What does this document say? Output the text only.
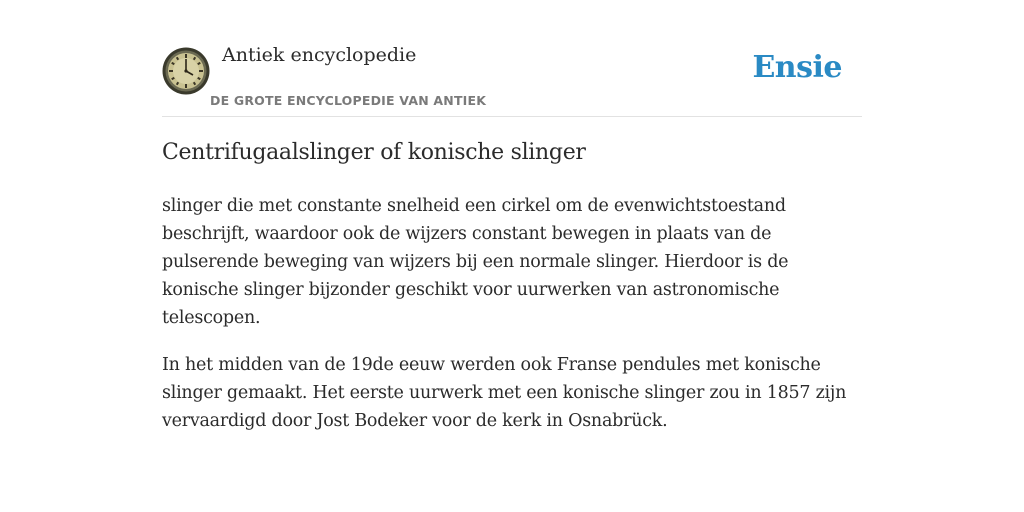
Antiek encyclopedie
DE GROTE ENCYCLOPEDIE VAN ANTIEK
Ensie
Centrifugaalslinger of konische slinger

slinger die met constante snelheid een cirkel om de evenwichtstoestand beschrijft, waardoor ook de wijzers constant bewegen in plaats van de pulserende beweging van wijzers bij een normale slinger. Hierdoor is de konische slinger bijzonder geschikt voor uurwerken van astronomische telescopen.

In het midden van de 19de eeuw werden ook Franse pendules met konische slinger gemaakt. Het eerste uurwerk met een konische slinger zou in 1857 zijn vervaardigd door Jost Bodeker voor de kerk in Osnabrück.
